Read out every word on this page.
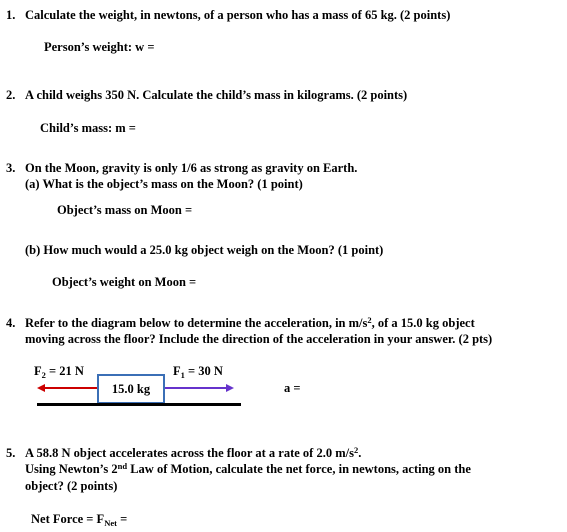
1. Calculate the weight, in newtons, of a person who has a mass of 65 kg. (2 points)
Person’s weight: w =
2. A child weighs 350 N. Calculate the child’s mass in kilograms. (2 points)
Child’s mass: m =
3. On the Moon, gravity is only 1/6 as strong as gravity on Earth.
(a) What is the object’s mass on the Moon? (1 point)
Object’s mass on Moon =
(b) How much would a 25.0 kg object weigh on the Moon? (1 point)
Object’s weight on Moon =
4. Refer to the diagram below to determine the acceleration, in $m/s^2$, of a 15.0 kg object
moving across the floor? Include the direction of the acceleration in your answer. (2 pts)
$F_2 = 21$ N	$F_1 = 30$ N
15.0 kg	a =
5. A 58.8 N object accelerates across the floor at a rate of 2.0 $m/s^2$.
Using Newton’s 2nd Law of Motion, calculate the net force, in newtons, acting on the
object? (2 points)
Net Force = $F_{Net}$ =
